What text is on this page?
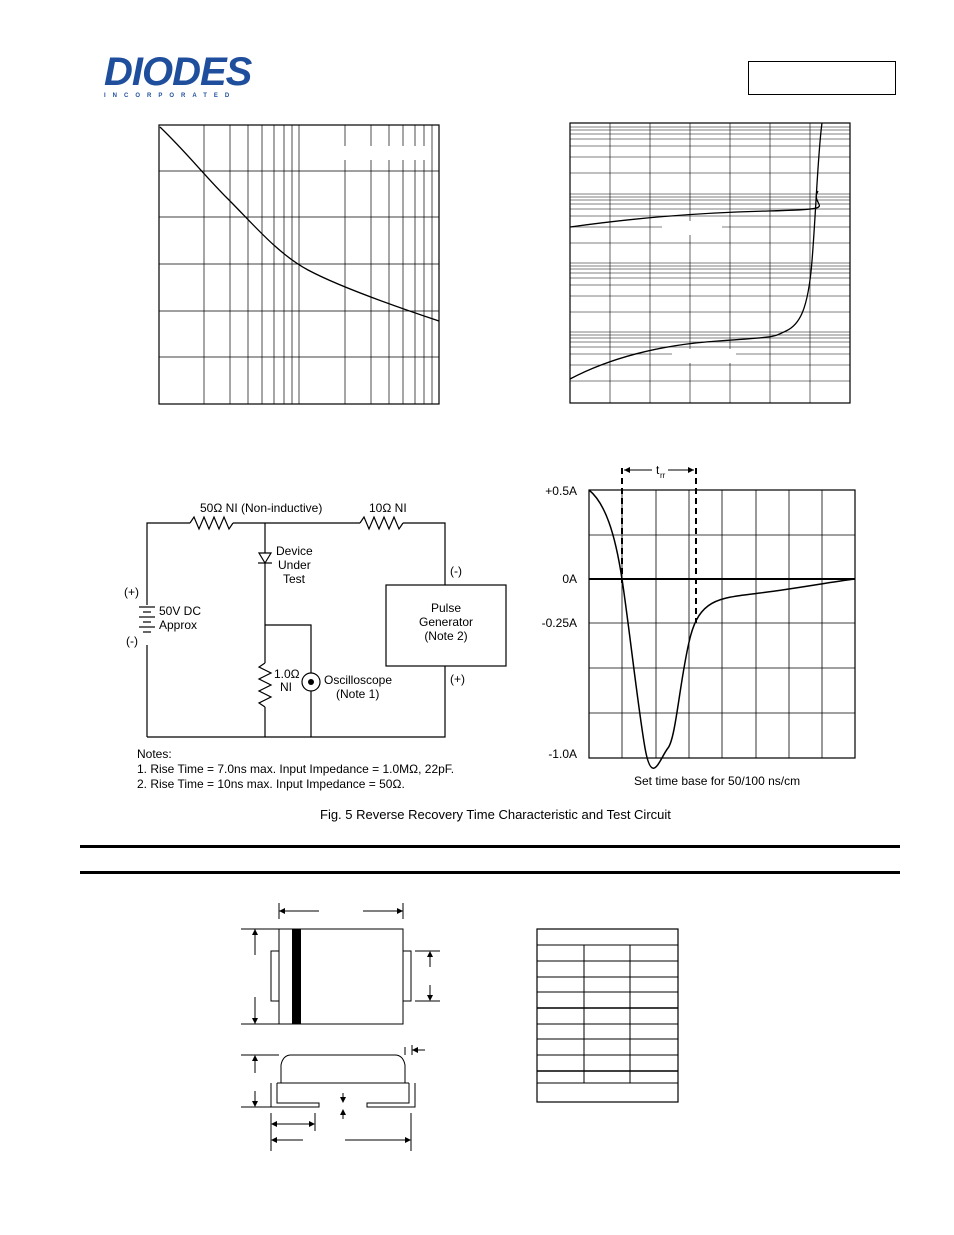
DIODES
INCORPORATED
50Ω NI (Non-inductive)	10Ω NI
Device
Under
Test
(+)
(-)
50V DC
Approx
(-)
(+)
Pulse
Generator
(Note 2)
1.0Ω
NI	Oscilloscope
(Note 1)
Notes:
1. Rise Time = 7.0ns max. Input Impedance = 1.0MΩ, 22pF.
2. Rise Time = 10ns max. Input Impedance = 50Ω.
t rr
+0.5A
0A
-0.25A
-1.0A
Set time base for 50/100 ns/cm
Fig. 5 Reverse Recovery Time Characteristic and Test Circuit
